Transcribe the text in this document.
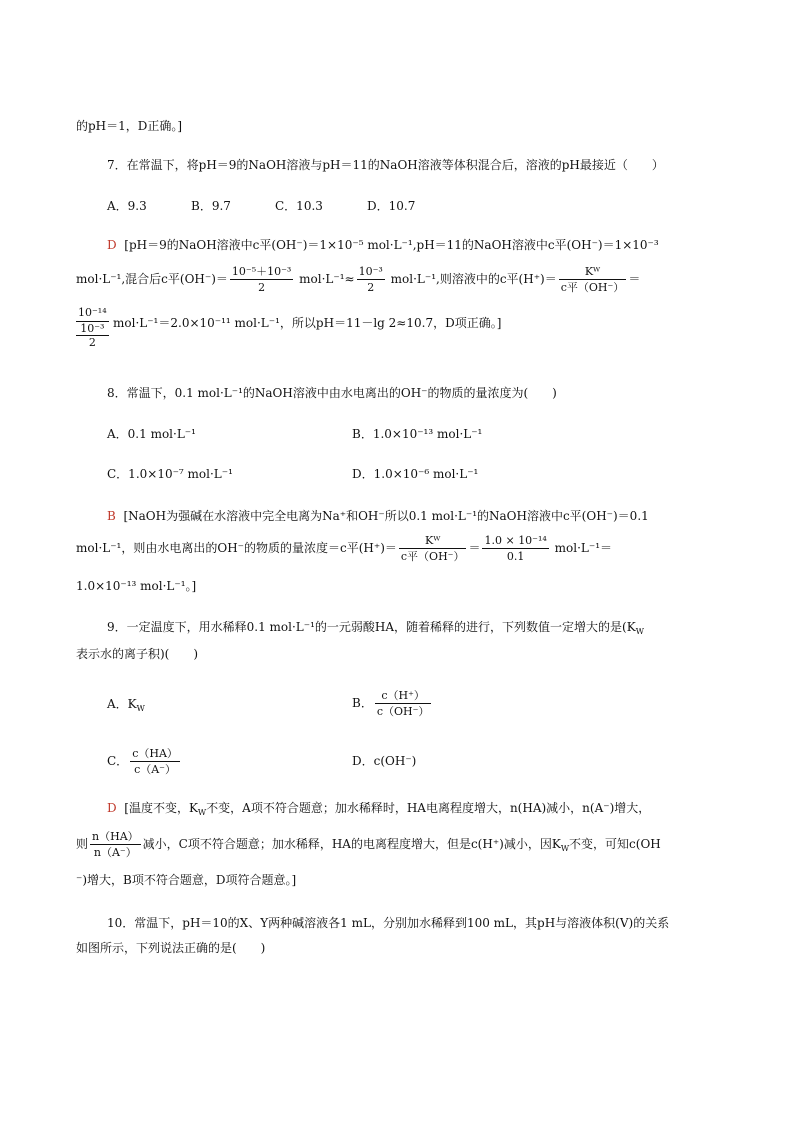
的pH＝1，D正确。]
7．在常温下，将pH＝9的NaOH溶液与pH＝11的NaOH溶液等体积混合后，溶液的pH最接近（　　）
A．9.3	B．9.7	C．10.3	D．10.7
D [pH＝9的NaOH溶液中c平(OH⁻)＝1×10⁻⁵ mol·L⁻¹,pH＝11的NaOH溶液中c平(OH⁻)＝1×10⁻³
mol·L⁻¹,混合后c平$(OH^-)= \frac{\text{10⁻⁵＋10⁻³}}{2} mol\cdot L^{-1}\approx \frac{\text{10⁻³}}{2} mol\cdot L^{-1}$,则溶液中的c平$(H^+)= \frac{\text{Kᵂ}}{\text{c平（OH⁻）}}$ ＝
10⁻¹⁴
10⁻³
2 mol·L⁻¹＝2.0×10⁻¹¹ mol·L⁻¹，所以pH＝11－lg 2≈10.7，D项正确。]
8．常温下，0.1 mol·L⁻¹的NaOH溶液中由水电离出的OH⁻的物质的量浓度为(　　)
A．0.1 mol·L⁻¹	B．1.0×10⁻¹³ mol·L⁻¹
C．1.0×10⁻⁷ mol·L⁻¹	D．1.0×10⁻⁶ mol·L⁻¹
B [NaOH为强碱在水溶液中完全电离为Na⁺和OH⁻所以0.1 mol·L⁻¹的NaOH溶液中c平(OH⁻)＝0.1
mol·L⁻¹，则由水电离出的OH⁻的物质的量浓度＝c平$(H^+)= \frac{\text{Kᵂ}}{\text{c平（OH⁻）}} = \frac{\text{1.0 × 10⁻¹⁴}}{0.1} mol\cdot L^{-1}=$
1.0×10⁻¹³ mol·L⁻¹。]
9．一定温度下，用水稀释0.1 mol·L⁻¹的一元弱酸HA，随着稀释的进行，下列数值一定增大的是($K_W$
表示水的离子积)(　　)
A．$K_W$	B． $\frac{c(H^+)}{c(OH^-)}$
C． $\frac{c(HA)}{c(A^-)}$	D．c(OH⁻)
D [温度不变，$K_W$不变，A项不符合题意；加水稀释时，HA电离程度增大，n(HA)减小，n(A⁻)增大，
则 $\frac{n(HA)}{n(A^-)}$ 减小，C项不符合题意；加水稀释，HA的电离程度增大，但是c(H⁺)减小，因$K_W$不变，可知c(OH
⁻)增大，B项不符合题意，D项符合题意。]
10．常温下，pH＝10的X、Y两种碱溶液各1 mL，分别加水稀释到100 mL，其pH与溶液体积(V)的关系
如图所示，下列说法正确的是(　　)
